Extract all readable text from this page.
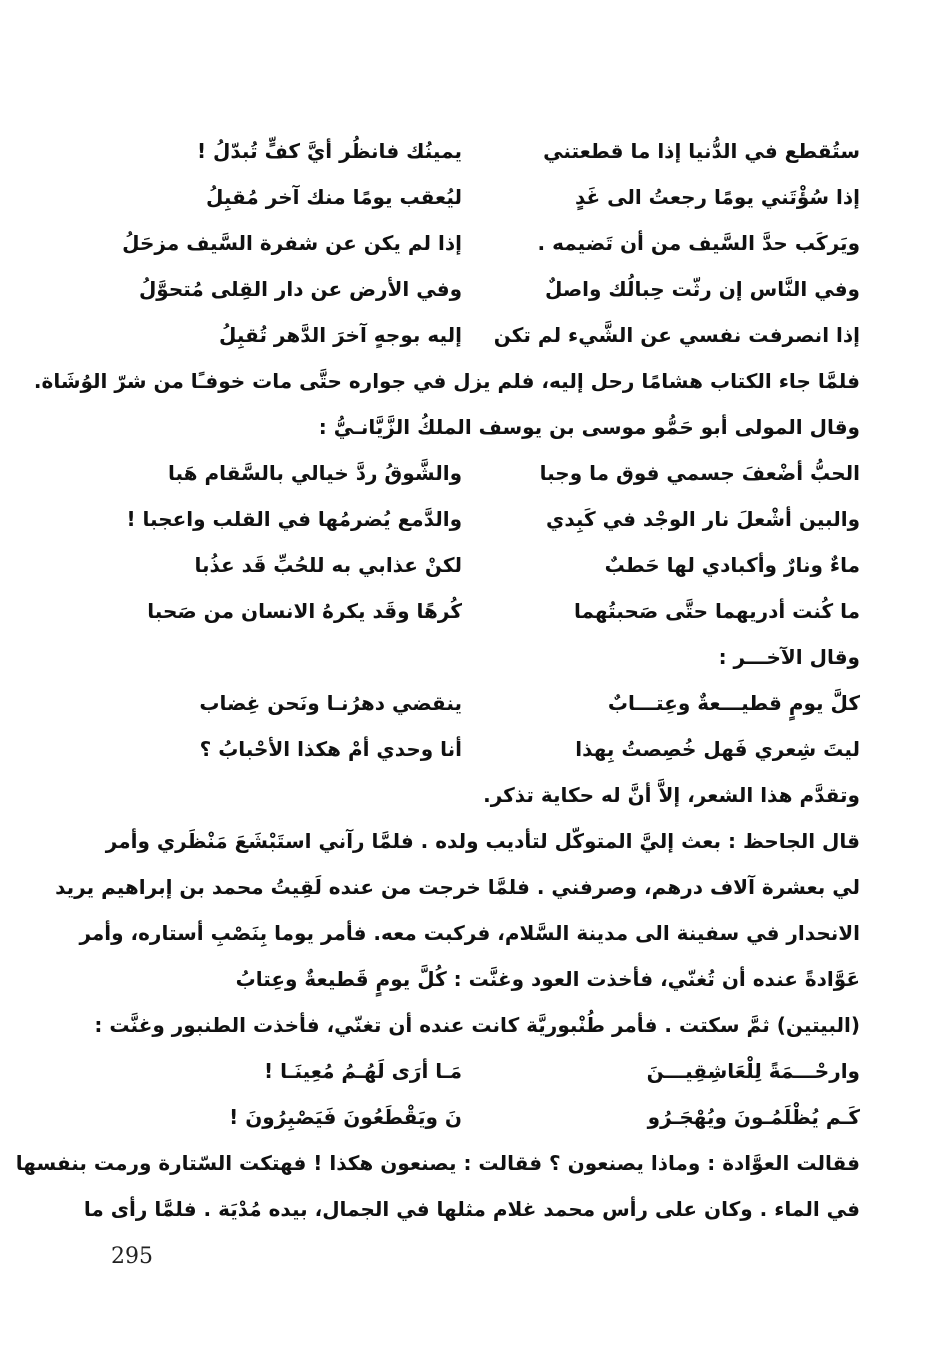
ستُقطع في الدُّنيا إذا ما قطعتني
يمينُك فانظُر أيَّ كفٍّ تُبدّلُ !
إذا سُؤْتَني يومًا رجعتُ الى غَدٍ
ليُعقب يومًا منك آخر مُقبِلُ
ويَركَب حدَّ السَّيف من أن تَضيمه .
إذا لم يكن عن شفرة السَّيف مزحَلُ
وفي النَّاس إن رثّت حِبالُك واصلٌ
وفي الأرض عن دار القِلى مُتحوَّلُ
إذا انصرفت نفسي عن الشَّيء لم تكن
إليه بوجهٍ آخرَ الدَّهر تُقبِلُ
فلمَّا جاء الكتاب هشامًا رحل إليه، فلم يزل في جواره حتَّى مات خوفـًا من شرّ الوُشَاة.
وقال المولى أبو حَمُّو موسى بن يوسف الملكُ الزَّيَّانـيُّ :
الحبُّ أضْعفَ جسمي فوق ما وجبا
والشَّوقُ ردَّ خيالي بالسَّقام هَبا
والبين أشْعلَ نار الوجْد في كَبِدي
والدَّمع يُضرمُها في القلب واعجبا !
ماءٌ ونارٌ وأكبادي لها حَطبٌ
لكنْ عذابي به للحُبِّ قَد عذُبا
ما كُنت أدريهما حتَّى صَحبتُهما
كُرهًا وقَد يكرهُ الانسان من صَحبا
وقال الآخـــر :
كلَّ يومٍ قطيـــعةٌ وعِتـــابٌ
ينقضي دهرُنـا ونَحن غِضاب
ليتَ شِعري فَهل خُصِصتُ بِهذا
أنا وحدي أمْ هكذا الأحْبابُ ؟
وتقدَّم هذا الشعر، إلاَّ أنَّ له حكاية تذكر.
قال الجاحظ : بعث إليَّ المتوكّل لتأديب ولده . فلمَّا رآني استَبْشَعَ مَنْظَري وأمر
لي بعشرة آلاف درهم، وصرفني . فلمَّا خرجت من عنده لَقِيتُ محمد بن إبراهيم يريد
الانحدار في سفينة الى مدينة السَّلام، فركبت معه. فأمر يوما بِنَصْبِ أستاره، وأمر
عَوَّادةً عنده أن تُغنّي، فأخذت العود وغنَّت : كُلَّ يومٍ قَطيعةٌ وعِتابُ
(البيتين) ثمَّ سكتت . فأمر طُنْبوريَّة كانت عنده أن تغنّي، فأخذت الطنبور وغنَّت :
وارحْـــمَةً لِلْعَاشِقِيـــنَ
مَـا أرَى لَهُـمُ مُعِينَـا !
كَـم يُظْلَمُـونَ ويُهْجَـرُو
نَ ويَقْطَعُونَ فَيَصْبِرُونَ !
فقالت العوَّادة : وماذا يصنعون ؟ فقالت : يصنعون هكذا ! فهتكت السّتارة ورمت بنفسها
في الماء . وكان على رأس محمد غلام مثلها في الجمال، بيده مُدْيَة . فلمَّا رأى ما
295
